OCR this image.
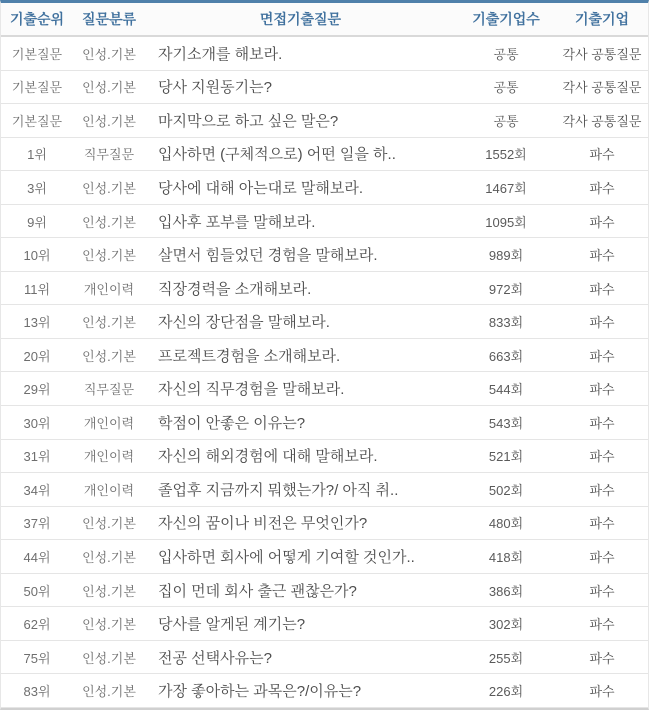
기출순위	질문분류	면접기출질문	기출기업수	기출기업
기본질문	인성.기본	자기소개를 해보라.	공통	각사 공통질문
기본질문	인성.기본	당사 지원동기는?	공통	각사 공통질문
기본질문	인성.기본	마지막으로 하고 싶은 말은?	공통	각사 공통질문
1위	직무질문	입사하면 (구체적으로) 어떤 일을 하..	1552회	파수
3위	인성.기본	당사에 대해 아는대로 말해보라.	1467회	파수
9위	인성.기본	입사후 포부를 말해보라.	1095회	파수
10위	인성.기본	살면서 힘들었던 경험을 말해보라.	989회	파수
11위	개인이력	직장경력을 소개해보라.	972회	파수
13위	인성.기본	자신의 장단점을 말해보라.	833회	파수
20위	인성.기본	프로젝트경험을 소개해보라.	663회	파수
29위	직무질문	자신의 직무경험을 말해보라.	544회	파수
30위	개인이력	학점이 안좋은 이유는?	543회	파수
31위	개인이력	자신의 해외경험에 대해 말해보라.	521회	파수
34위	개인이력	졸업후 지금까지 뭐했는가?/ 아직 취..	502회	파수
37위	인성.기본	자신의 꿈이나 비전은 무엇인가?	480회	파수
44위	인성.기본	입사하면 회사에 어떻게 기여할 것인가..	418회	파수
50위	인성.기본	집이 먼데 회사 출근 괜찮은가?	386회	파수
62위	인성.기본	당사를 알게된 계기는?	302회	파수
75위	인성.기본	전공 선택사유는?	255회	파수
83위	인성.기본	가장 좋아하는 과목은?/이유는?	226회	파수
